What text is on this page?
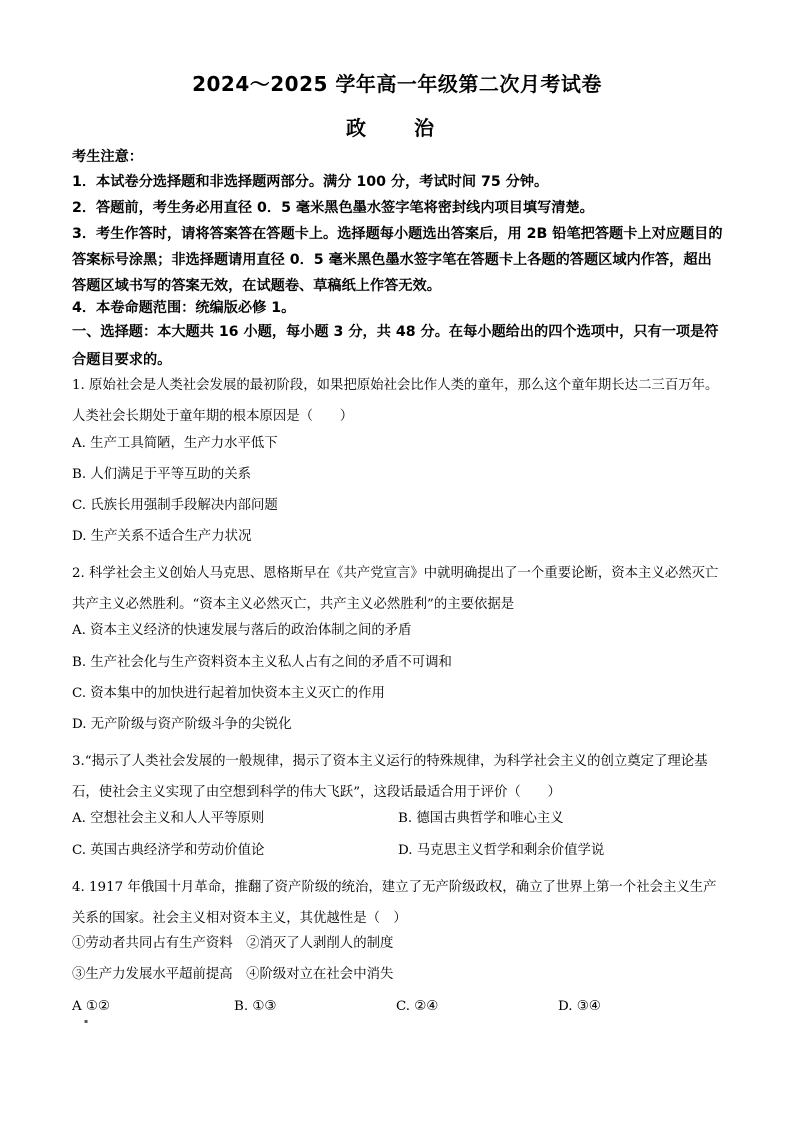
2024～2025 学年高一年级第二次月考试卷
政　治
考生注意：
1．本试卷分选择题和非选择题两部分。满分 100 分，考试时间 75 分钟。
2．答题前，考生务必用直径 0．5 毫米黑色墨水签字笔将密封线内项目填写清楚。
3．考生作答时，请将答案答在答题卡上。选择题每小题选出答案后，用 2B 铅笔把答题卡上对应题目的答案标号涂黑；非选择题请用直径 0．5 毫米黑色墨水签字笔在答题卡上各题的答题区域内作答，超出答题区域书写的答案无效，在试题卷、草稿纸上作答无效。
4．本卷命题范围：统编版必修 1。
一、选择题：本大题共 16 小题，每小题 3 分，共 48 分。在每小题给出的四个选项中，只有一项是符合题目要求的。
1. 原始社会是人类社会发展的最初阶段，如果把原始社会比作人类的童年，那么这个童年期长达二三百万年。人类社会长期处于童年期的根本原因是（　　）
A. 生产工具简陋，生产力水平低下
B. 人们满足于平等互助的关系
C. 氏族长用强制手段解决内部问题
D. 生产关系不适合生产力状况
2. 科学社会主义创始人马克思、恩格斯早在《共产党宣言》中就明确提出了一个重要论断，资本主义必然灭亡共产主义必然胜利。“资本主义必然灭亡，共产主义必然胜利”的主要依据是
A. 资本主义经济的快速发展与落后的政治体制之间的矛盾
B. 生产社会化与生产资料资本主义私人占有之间的矛盾不可调和
C. 资本集中的加快进行起着加快资本主义灭亡的作用
D. 无产阶级与资产阶级斗争的尖锐化
3.“揭示了人类社会发展的一般规律，揭示了资本主义运行的特殊规律，为科学社会主义的创立奠定了理论基石，使社会主义实现了由空想到科学的伟大飞跃”，这段话最适合用于评价（　　）
A. 空想社会主义和人人平等原则	B. 德国古典哲学和唯心主义
C. 英国古典经济学和劳动价值论	D. 马克思主义哲学和剩余价值学说
4. 1917 年俄国十月革命，推翻了资产阶级的统治，建立了无产阶级政权，确立了世界上第一个社会主义生产关系的国家。社会主义相对资本主义，其优越性是（　）
①劳动者共同占有生产资料　②消灭了人剥削人的制度
③生产力发展水平超前提高　④阶级对立在社会中消失
A ①②	B. ①③	C. ②④	D. ③④
▪
